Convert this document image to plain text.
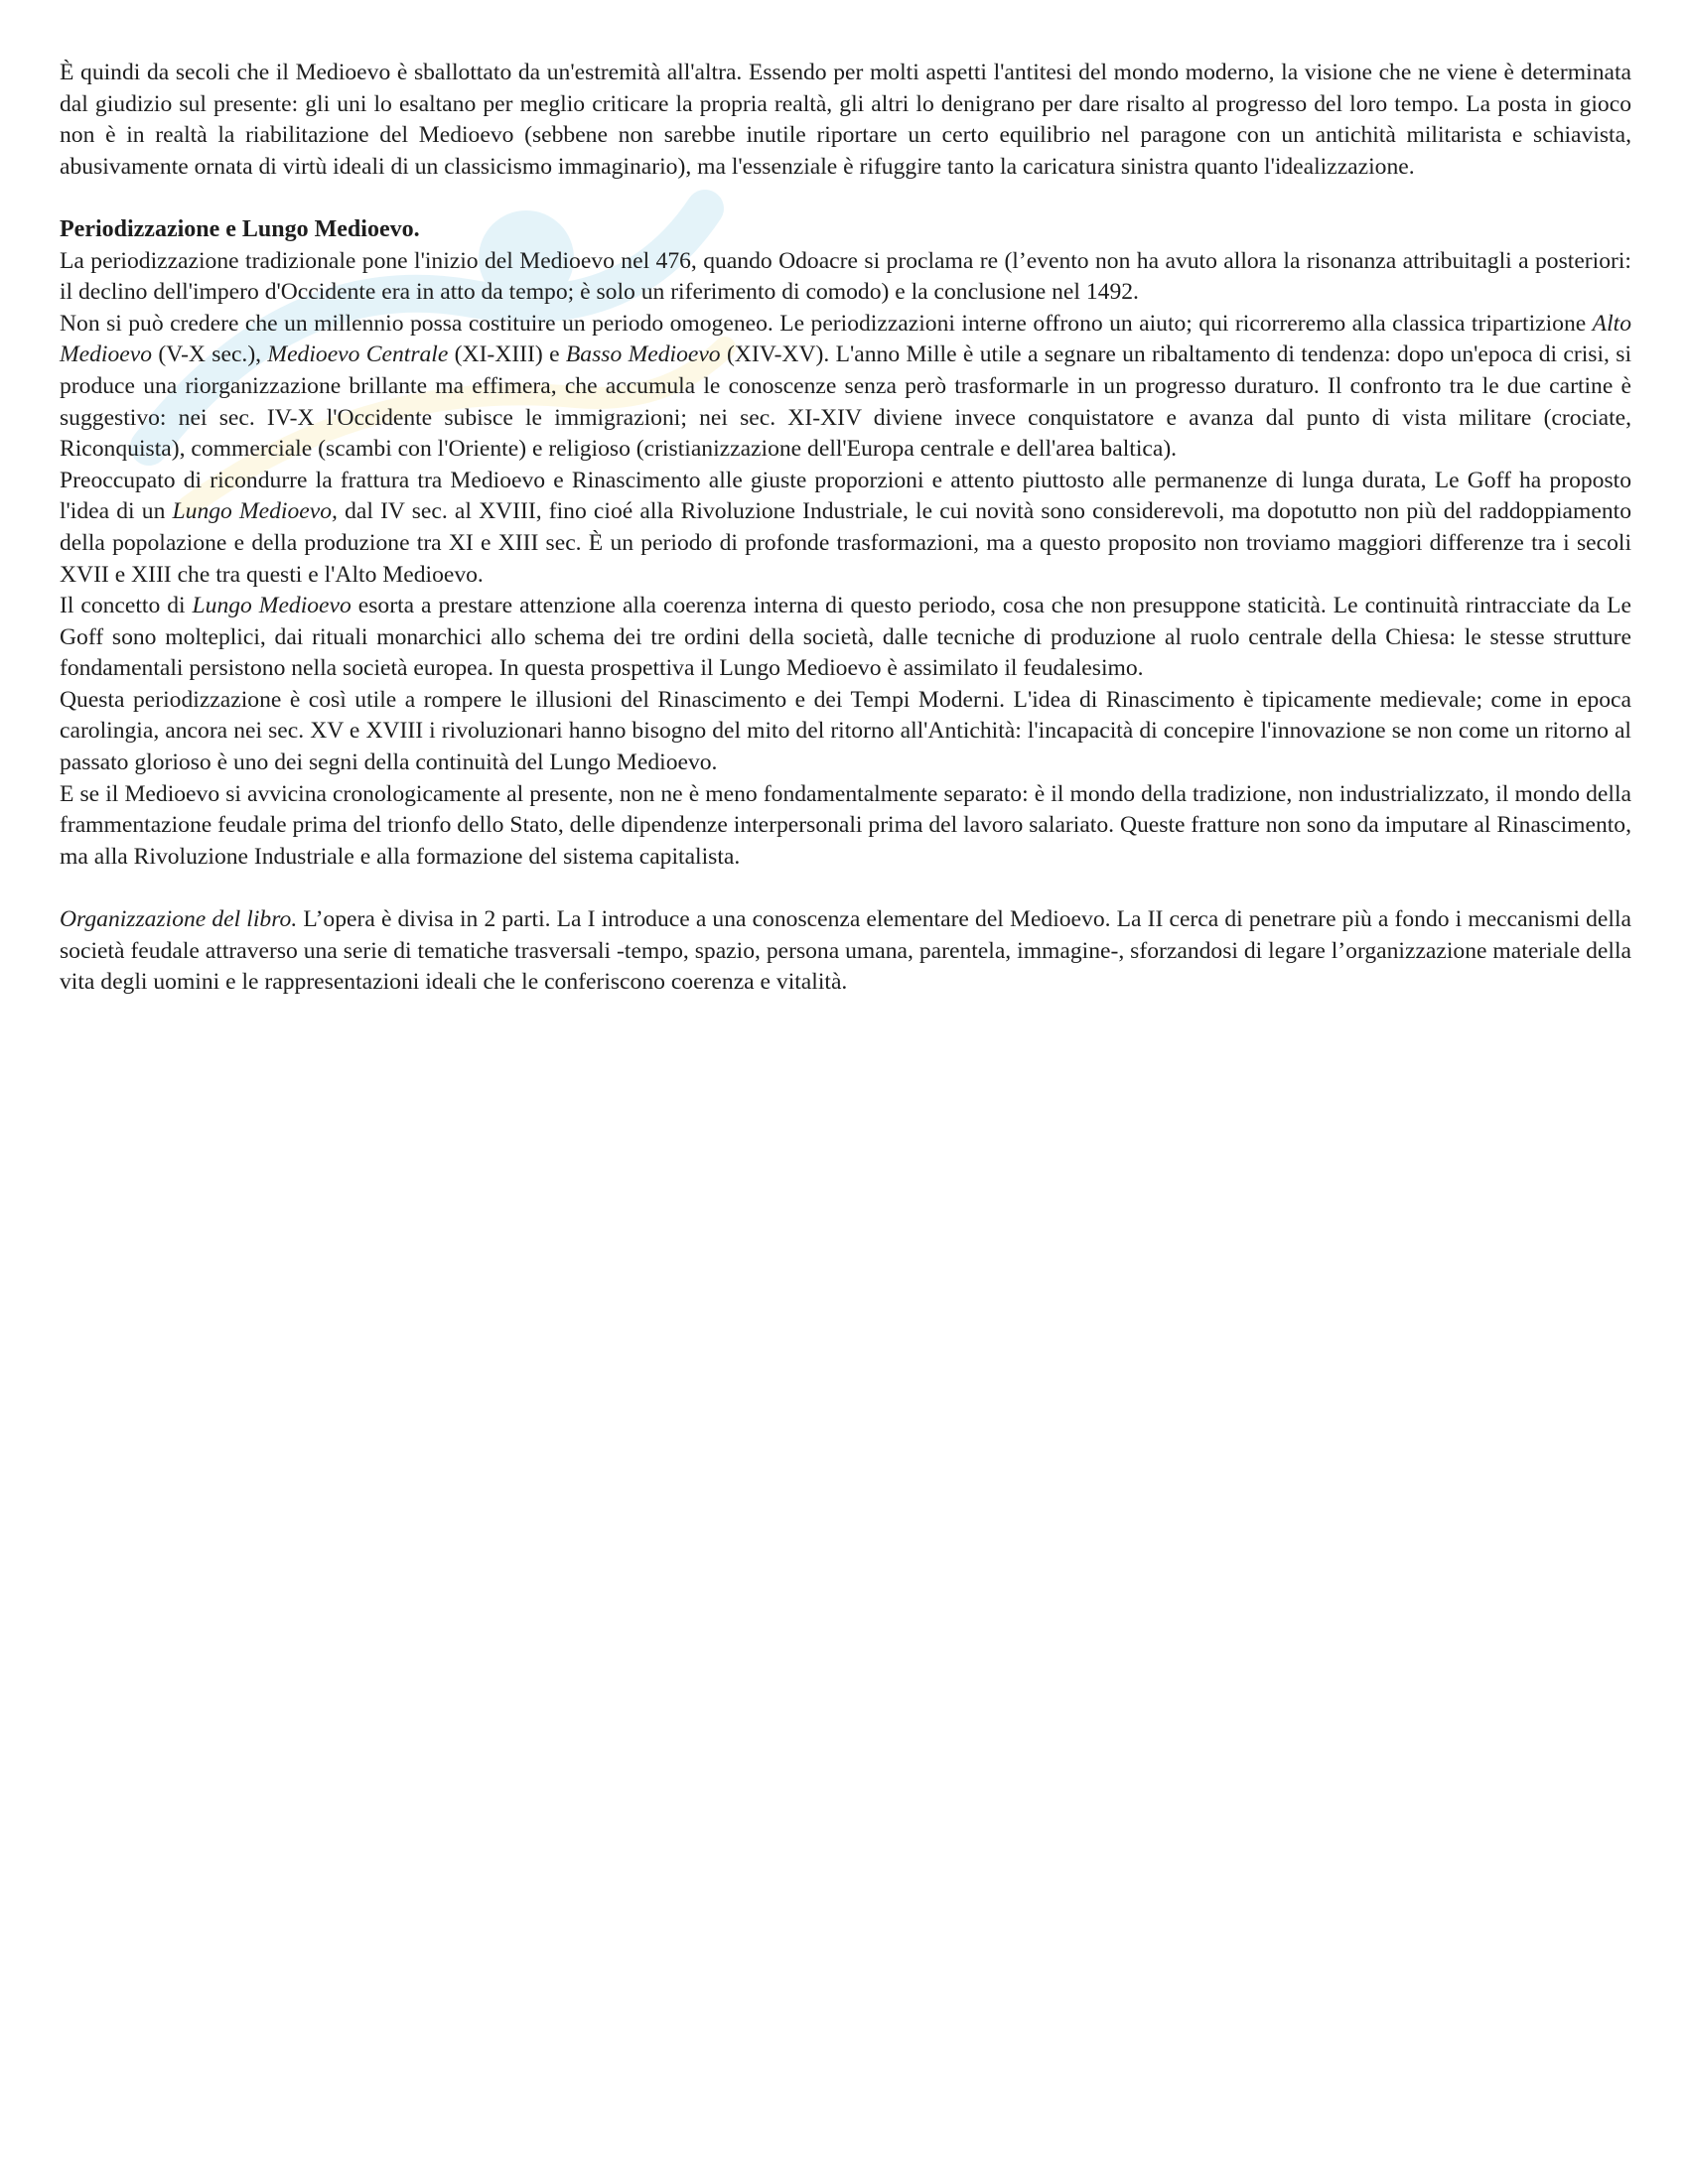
È quindi da secoli che il Medioevo è sballottato da un'estremità all'altra. Essendo per molti aspetti l'antitesi del mondo moderno, la visione che ne viene è determinata dal giudizio sul presente: gli uni lo esaltano per meglio criticare la propria realtà, gli altri lo denigrano per dare risalto al progresso del loro tempo. La posta in gioco non è in realtà la riabilitazione del Medioevo (sebbene non sarebbe inutile riportare un certo equilibrio nel paragone con un antichità militarista e schiavista, abusivamente ornata di virtù ideali di un classicismo immaginario), ma l'essenziale è rifuggire tanto la caricatura sinistra quanto l'idealizzazione.

Periodizzazione e Lungo Medioevo.

La periodizzazione tradizionale pone l'inizio del Medioevo nel 476, quando Odoacre si proclama re (l’evento non ha avuto allora la risonanza attribuitagli a posteriori: il declino dell'impero d'Occidente era in atto da tempo; è solo un riferimento di comodo) e la conclusione nel 1492.

Non si può credere che un millennio possa costituire un periodo omogeneo. Le periodizzazioni interne offrono un aiuto; qui ricorreremo alla classica tripartizione Alto Medioevo (V-X sec.), Medioevo Centrale (XI-XIII) e Basso Medioevo (XIV-XV). L'anno Mille è utile a segnare un ribaltamento di tendenza: dopo un'epoca di crisi, si produce una riorganizzazione brillante ma effimera, che accumula le conoscenze senza però trasformarle in un progresso duraturo. Il confronto tra le due cartine è suggestivo: nei sec. IV-X l'Occidente subisce le immigrazioni; nei sec. XI-XIV diviene invece conquistatore e avanza dal punto di vista militare (crociate, Riconquista), commerciale (scambi con l'Oriente) e religioso (cristianizzazione dell'Europa centrale e dell'area baltica).

Preoccupato di ricondurre la frattura tra Medioevo e Rinascimento alle giuste proporzioni e attento piuttosto alle permanenze di lunga durata, Le Goff ha proposto l'idea di un Lungo Medioevo, dal IV sec. al XVIII, fino cioé alla Rivoluzione Industriale, le cui novità sono considerevoli, ma dopotutto non più del raddoppiamento della popolazione e della produzione tra XI e XIII sec. È un periodo di profonde trasformazioni, ma a questo proposito non troviamo maggiori differenze tra i secoli XVII e XIII che tra questi e l'Alto Medioevo.

Il concetto di Lungo Medioevo esorta a prestare attenzione alla coerenza interna di questo periodo, cosa che non presuppone staticità. Le continuità rintracciate da Le Goff sono molteplici, dai rituali monarchici allo schema dei tre ordini della società, dalle tecniche di produzione al ruolo centrale della Chiesa: le stesse strutture fondamentali persistono nella società europea. In questa prospettiva il Lungo Medioevo è assimilato il feudalesimo.

Questa periodizzazione è così utile a rompere le illusioni del Rinascimento e dei Tempi Moderni. L'idea di Rinascimento è tipicamente medievale; come in epoca carolingia, ancora nei sec. XV e XVIII i rivoluzionari hanno bisogno del mito del ritorno all'Antichità: l'incapacità di concepire l'innovazione se non come un ritorno al passato glorioso è uno dei segni della continuità del Lungo Medioevo.

E se il Medioevo si avvicina cronologicamente al presente, non ne è meno fondamentalmente separato: è il mondo della tradizione, non industrializzato, il mondo della frammentazione feudale prima del trionfo dello Stato, delle dipendenze interpersonali prima del lavoro salariato. Queste fratture non sono da imputare al Rinascimento, ma alla Rivoluzione Industriale e alla formazione del sistema capitalista.

Organizzazione del libro. L’opera è divisa in 2 parti. La I introduce a una conoscenza elementare del Medioevo. La II cerca di penetrare più a fondo i meccanismi della società feudale attraverso una serie di tematiche trasversali -tempo, spazio, persona umana, parentela, immagine-, sforzandosi di legare l’organizzazione materiale della vita degli uomini e le rappresentazioni ideali che le conferiscono coerenza e vitalità.
